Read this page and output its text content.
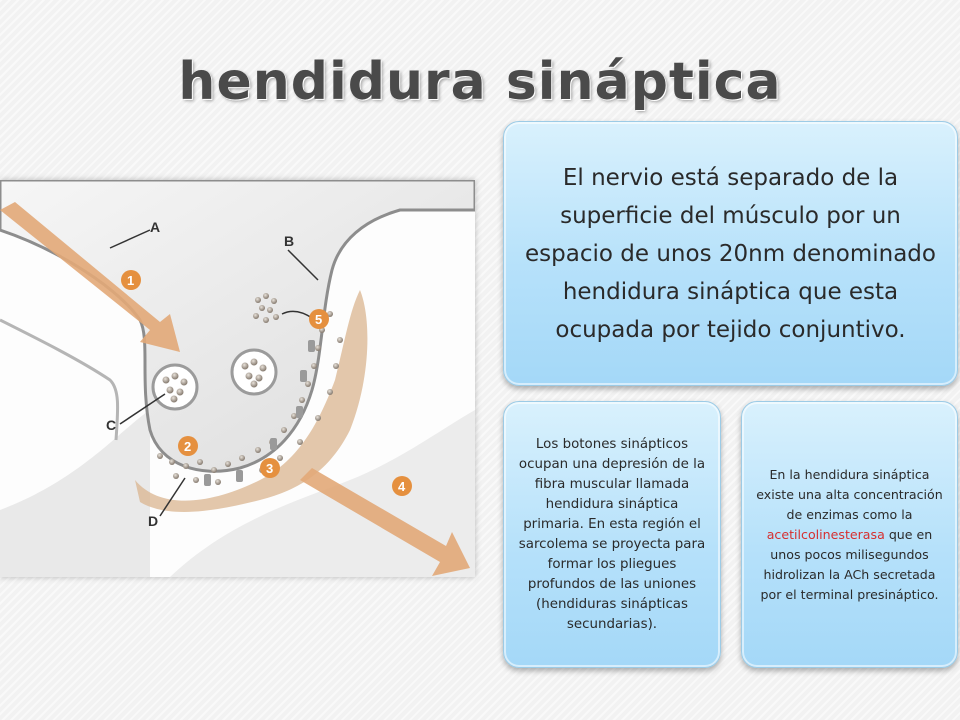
hendidura sináptica
A
B
C
D
1
2
3
4
5
El nervio está separado de la superficie del músculo por un espacio de unos 20nm denominado hendidura sináptica que esta ocupada por tejido conjuntivo.
Los botones sinápticos ocupan una depresión de la fibra muscular llamada hendidura sináptica primaria. En esta región el sarcolema se proyecta para formar los pliegues profundos de las uniones (hendiduras sinápticas secundarias).
En la hendidura sináptica existe una alta concentración de enzimas como la acetilcolinesterasa que en unos pocos milisegundos hidrolizan la ACh secretada por el terminal presináptico.
